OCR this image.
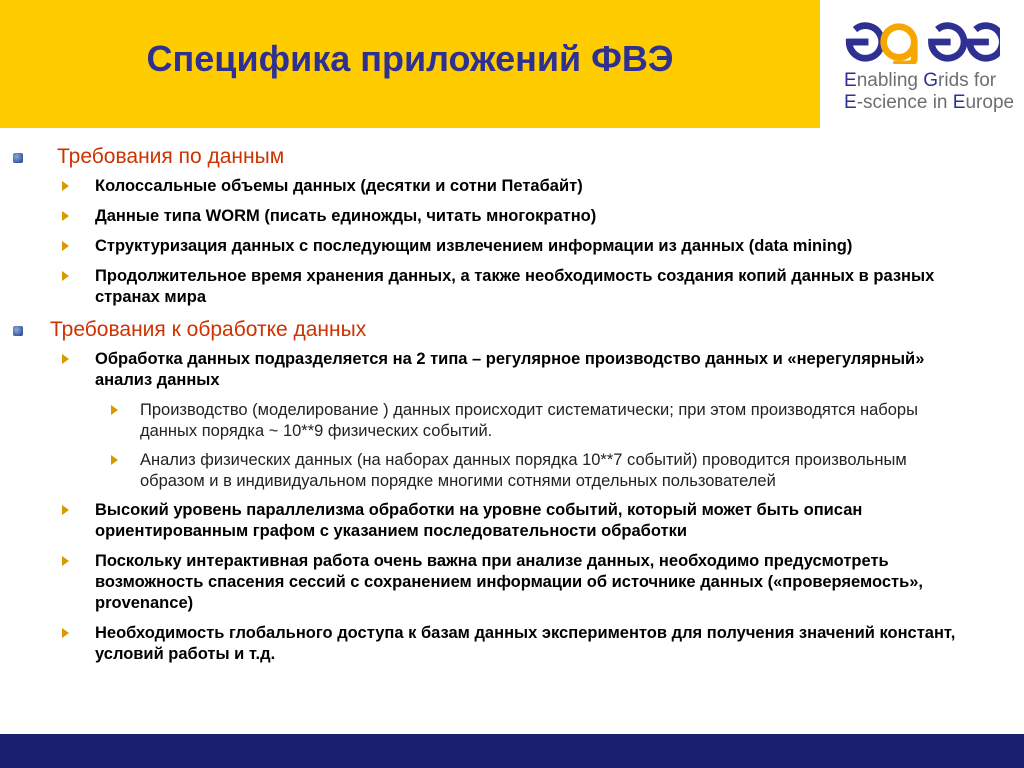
Специфика приложений ФВЭ
Enabling Grids for
E-science in Europe
Требования по данным
Колоссальные объемы данных (десятки и сотни Петабайт)
Данные типа WORM (писать единожды, читать многократно)
Структуризация данных с последующим извлечением информации из данных (data mining)
Продолжительное время хранения данных, а также необходимость создания копий данных в разных странах мира
Требования к обработке данных
Обработка данных подразделяется на 2 типа – регулярное производство данных и «нерегулярный» анализ данных
Производство (моделирование ) данных происходит систематически; при этом производятся наборы данных порядка ~ 10**9 физических событий.
Анализ физических данных (на наборах данных порядка 10**7 событий) проводится произвольным образом и в индивидуальном порядке многими сотнями отдельных пользователей
Высокий уровень параллелизма обработки на уровне событий, который может быть описан ориентированным графом с указанием последовательности обработки
Поскольку интерактивная работа очень важна при анализе данных, необходимо предусмотреть возможность спасения сессий с сохранением информации об источнике данных («проверяемость», provenance)
Необходимость глобального доступа к базам данных экспериментов для получения значений констант, условий работы и т.д.
